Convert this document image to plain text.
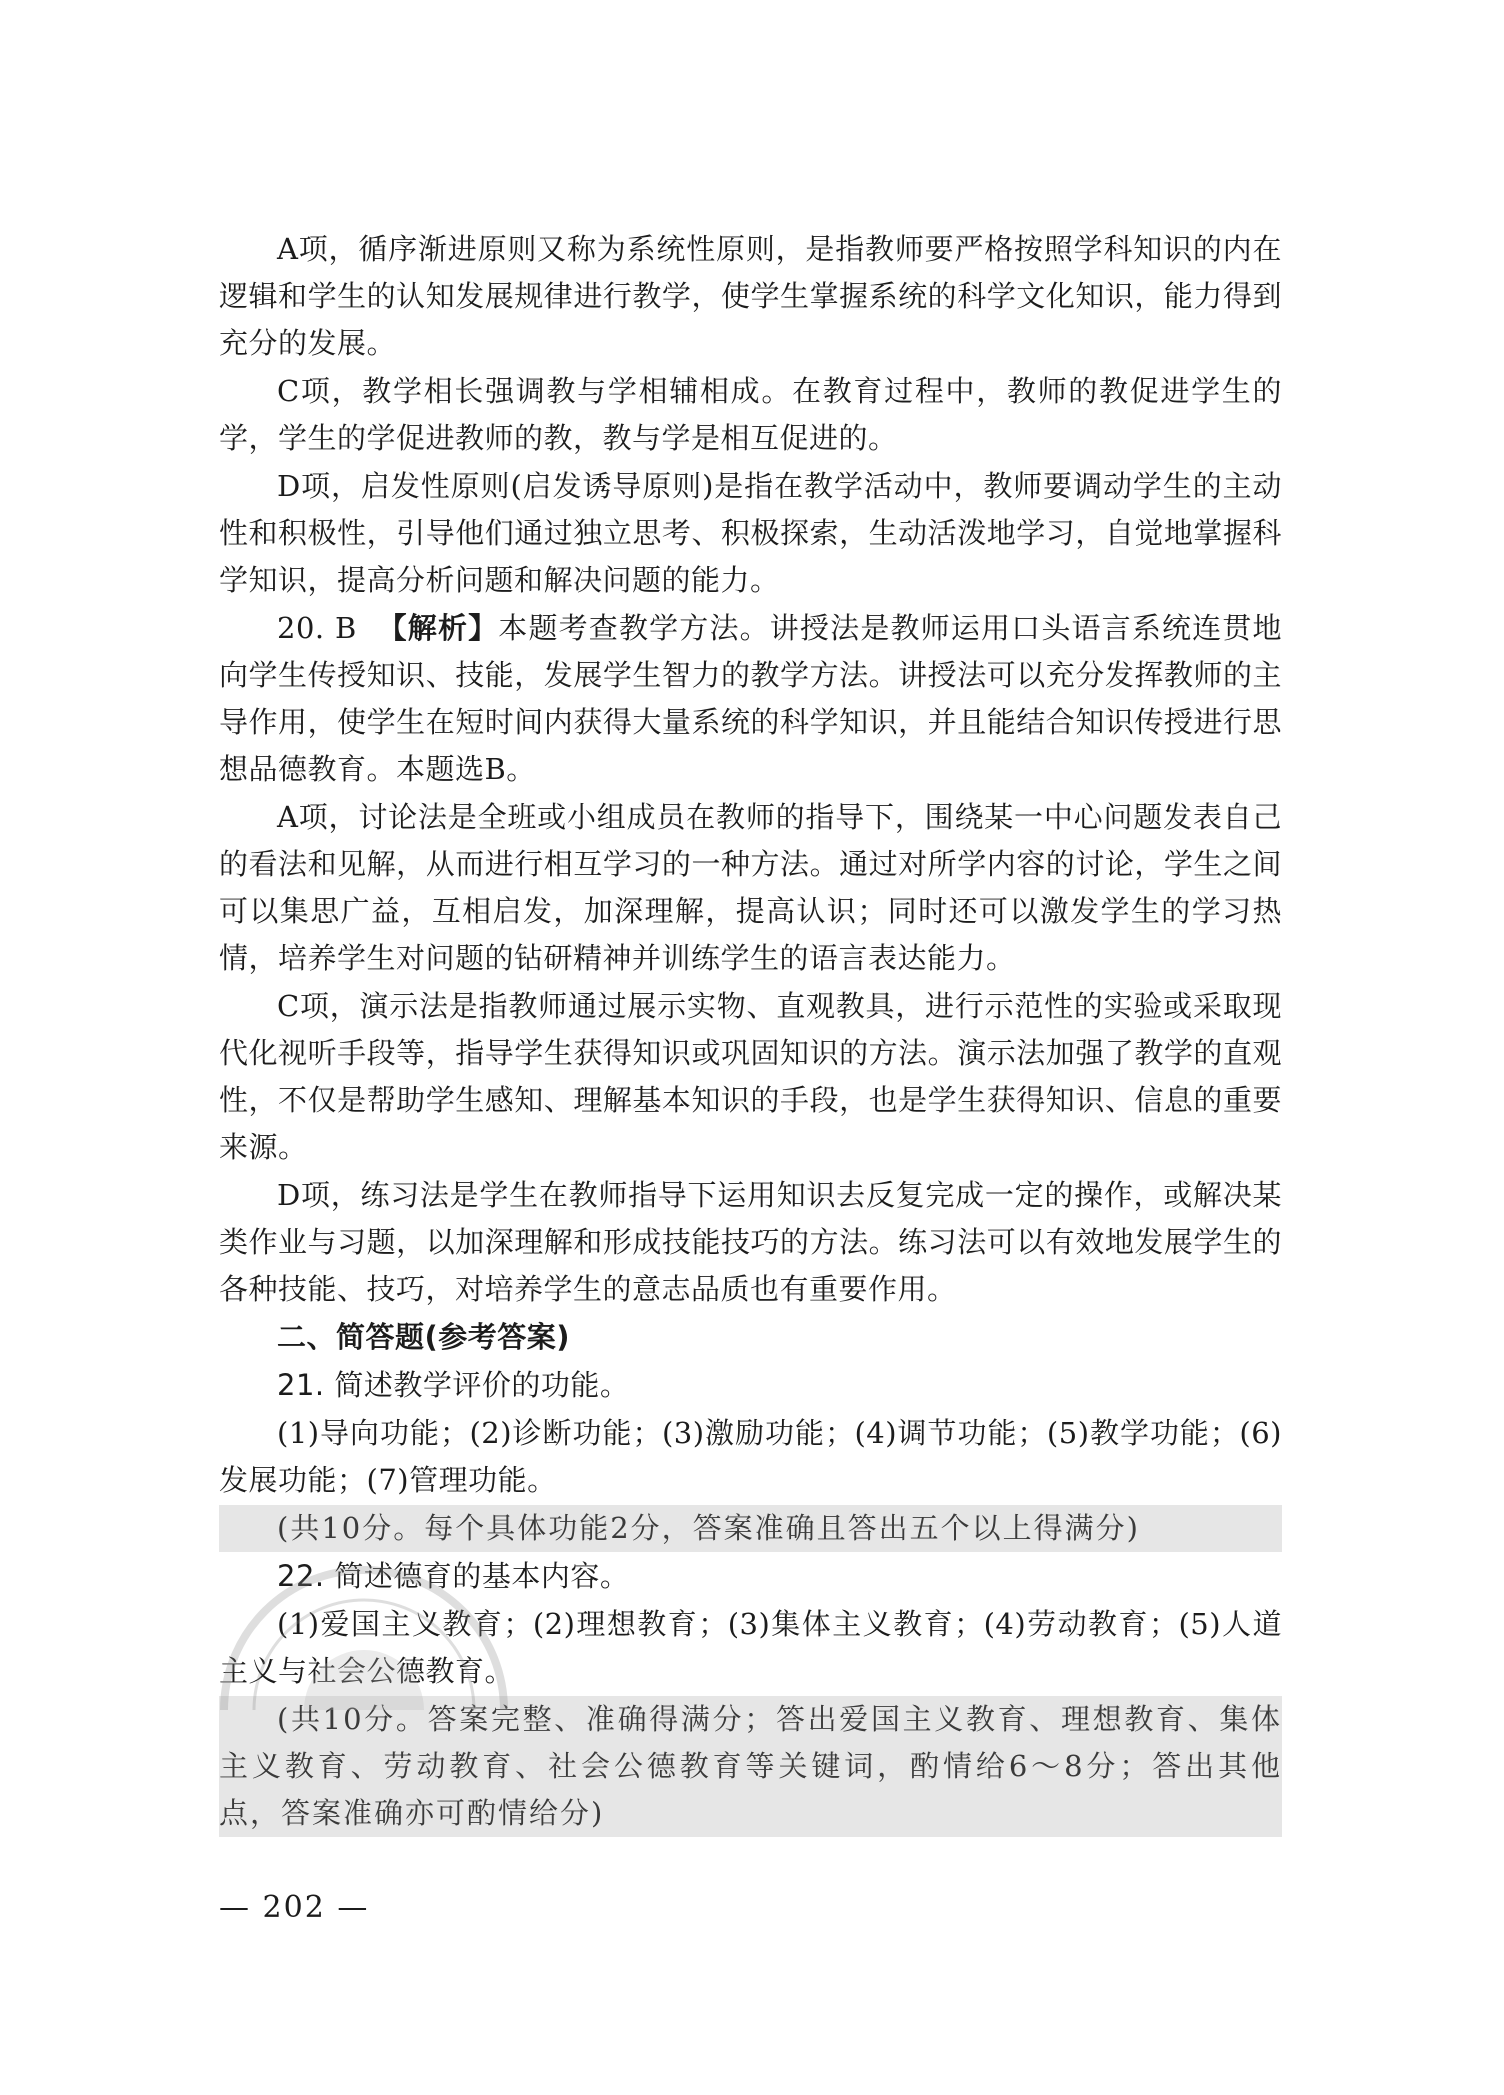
A项，循序渐进原则又称为系统性原则，是指教师要严格按照学科知识的内在逻辑和学生的认知发展规律进行教学，使学生掌握系统的科学文化知识，能力得到充分的发展。

C项，教学相长强调教与学相辅相成。在教育过程中，教师的教促进学生的学，学生的学促进教师的教，教与学是相互促进的。

D项，启发性原则(启发诱导原则)是指在教学活动中，教师要调动学生的主动性和积极性，引导他们通过独立思考、积极探索，生动活泼地学习，自觉地掌握科学知识，提高分析问题和解决问题的能力。

20. B 【解析】本题考查教学方法。讲授法是教师运用口头语言系统连贯地向学生传授知识、技能，发展学生智力的教学方法。讲授法可以充分发挥教师的主导作用，使学生在短时间内获得大量系统的科学知识，并且能结合知识传授进行思想品德教育。本题选B。

A项，讨论法是全班或小组成员在教师的指导下，围绕某一中心问题发表自己的看法和见解，从而进行相互学习的一种方法。通过对所学内容的讨论，学生之间可以集思广益，互相启发，加深理解，提高认识；同时还可以激发学生的学习热情，培养学生对问题的钻研精神并训练学生的语言表达能力。

C项，演示法是指教师通过展示实物、直观教具，进行示范性的实验或采取现代化视听手段等，指导学生获得知识或巩固知识的方法。演示法加强了教学的直观性，不仅是帮助学生感知、理解基本知识的手段，也是学生获得知识、信息的重要来源。

D项，练习法是学生在教师指导下运用知识去反复完成一定的操作，或解决某类作业与习题，以加深理解和形成技能技巧的方法。练习法可以有效地发展学生的各种技能、技巧，对培养学生的意志品质也有重要作用。

二、简答题(参考答案)

21. 简述教学评价的功能。

(1)导向功能；(2)诊断功能；(3)激励功能；(4)调节功能；(5)教学功能；(6)发展功能；(7)管理功能。

(共10分。每个具体功能2分，答案准确且答出五个以上得满分)

22. 简述德育的基本内容。

(1)爱国主义教育；(2)理想教育；(3)集体主义教育；(4)劳动教育；(5)人道主义与社会公德教育。

(共10分。答案完整、准确得满分；答出爱国主义教育、理想教育、集体主义教育、劳动教育、社会公德教育等关键词，酌情给6～8分；答出其他点，答案准确亦可酌情给分)

— 202 —
